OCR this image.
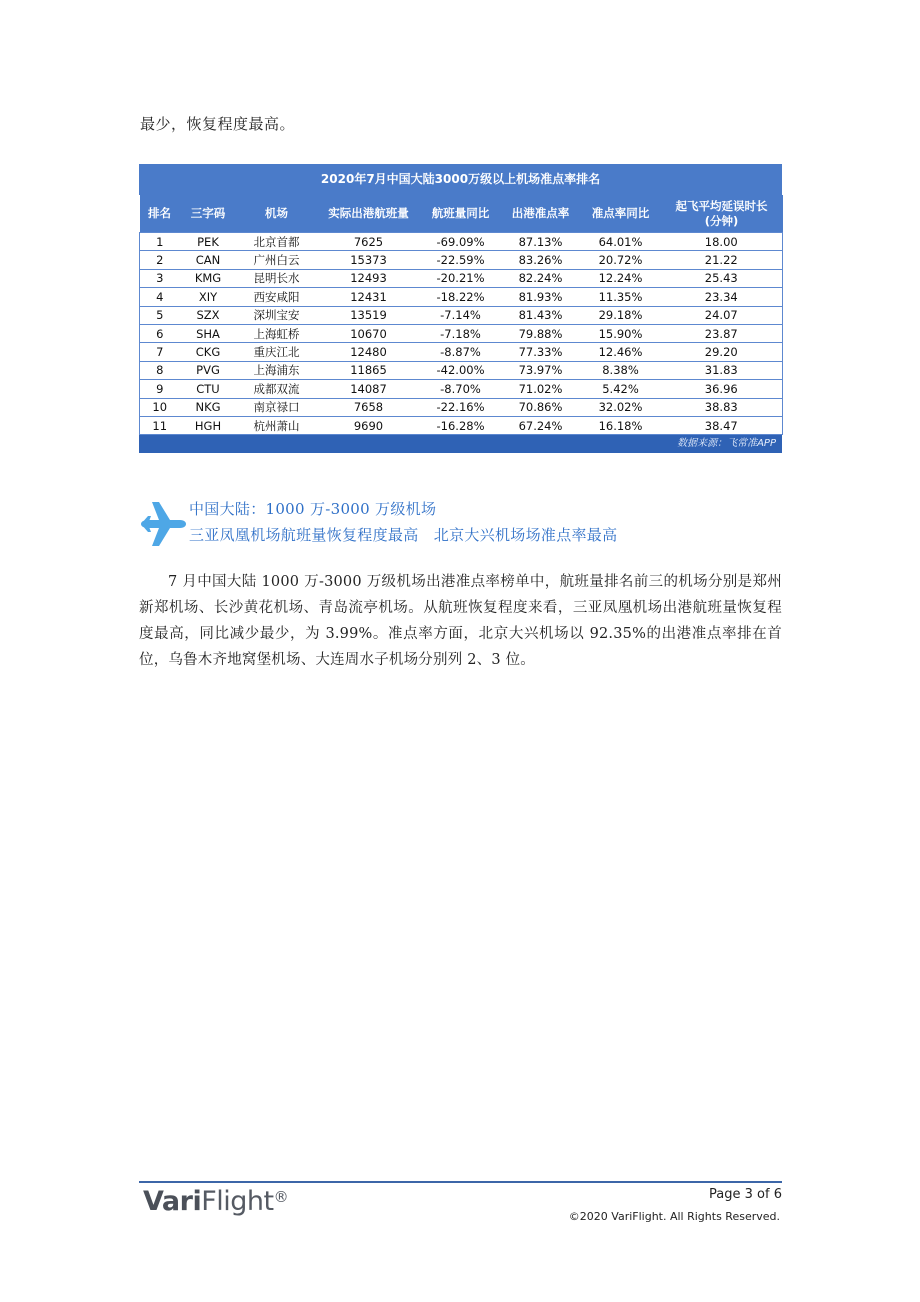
最少，恢复程度最高。
2020年7月中国大陆3000万级以上机场准点率排名
排名	三字码	机场	实际出港航班量	航班量同比	出港准点率	准点率同比	起飞平均延误时长
(分钟)
1	PEK	北京首都	7625	-69.09%	87.13%	64.01%	18.00
2	CAN	广州白云	15373	-22.59%	83.26%	20.72%	21.22
3	KMG	昆明长水	12493	-20.21%	82.24%	12.24%	25.43
4	XIY	西安咸阳	12431	-18.22%	81.93%	11.35%	23.34
5	SZX	深圳宝安	13519	-7.14%	81.43%	29.18%	24.07
6	SHA	上海虹桥	10670	-7.18%	79.88%	15.90%	23.87
7	CKG	重庆江北	12480	-8.87%	77.33%	12.46%	29.20
8	PVG	上海浦东	11865	-42.00%	73.97%	8.38%	31.83
9	CTU	成都双流	14087	-8.70%	71.02%	5.42%	36.96
10	NKG	南京禄口	7658	-22.16%	70.86%	32.02%	38.83
11	HGH	杭州萧山	9690	-16.28%	67.24%	16.18%	38.47
数据来源：飞常准APP
中国大陆：1000 万-3000 万级机场
三亚凤凰机场航班量恢复程度最高　北京大兴机场场准点率最高
7 月中国大陆 1000 万-3000 万级机场出港准点率榜单中，航班量排名前三的机场分别是郑州新郑机场、长沙黄花机场、青岛流亭机场。从航班恢复程度来看，三亚凤凰机场出港航班量恢复程度最高，同比减少最少，为 3.99%。准点率方面，北京大兴机场以 92.35%的出港准点率排在首位，乌鲁木齐地窝堡机场、大连周水子机场分别列 2、3 位。
VariFlight®	Page 3 of 6
©2020 VariFlight. All Rights Reserved.
